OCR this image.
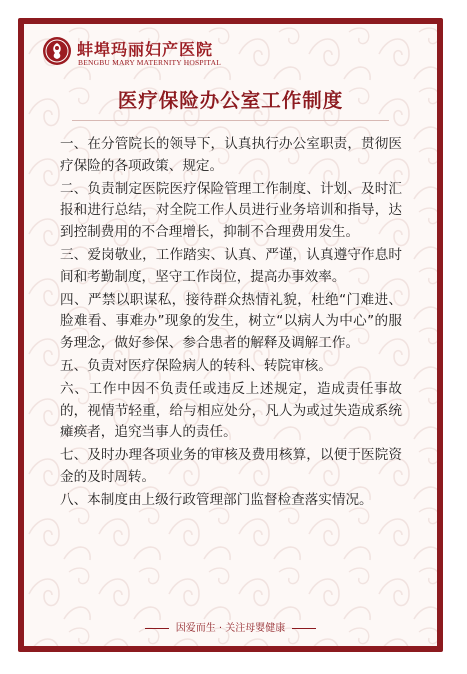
蚌埠玛丽妇产医院
BENGBU MARY MATERNITY HOSPITAL
医疗保险办公室工作制度

一、在分管院长的领导下，认真执行办公室职责，贯彻医疗保险的各项政策、规定。

二、负责制定医院医疗保险管理工作制度、计划、及时汇报和进行总结，对全院工作人员进行业务培训和指导，达到控制费用的不合理增长，抑制不合理费用发生。

三、爱岗敬业，工作踏实、认真、严谨，认真遵守作息时间和考勤制度，坚守工作岗位，提高办事效率。

四、严禁以职谋私，接待群众热情礼貌，杜绝“门难进、脸难看、事难办”现象的发生，树立“以病人为中心”的服务理念，做好参保、参合患者的解释及调解工作。

五、负责对医疗保险病人的转科、转院审核。

六、工作中因不负责任或违反上述规定，造成责任事故的，视情节轻重，给与相应处分，凡人为或过失造成系统瘫痪者，追究当事人的责任。

七、及时办理各项业务的审核及费用核算，以便于医院资金的及时周转。

八、本制度由上级行政管理部门监督检查落实情况。

因爱而生 · 关注母婴健康
